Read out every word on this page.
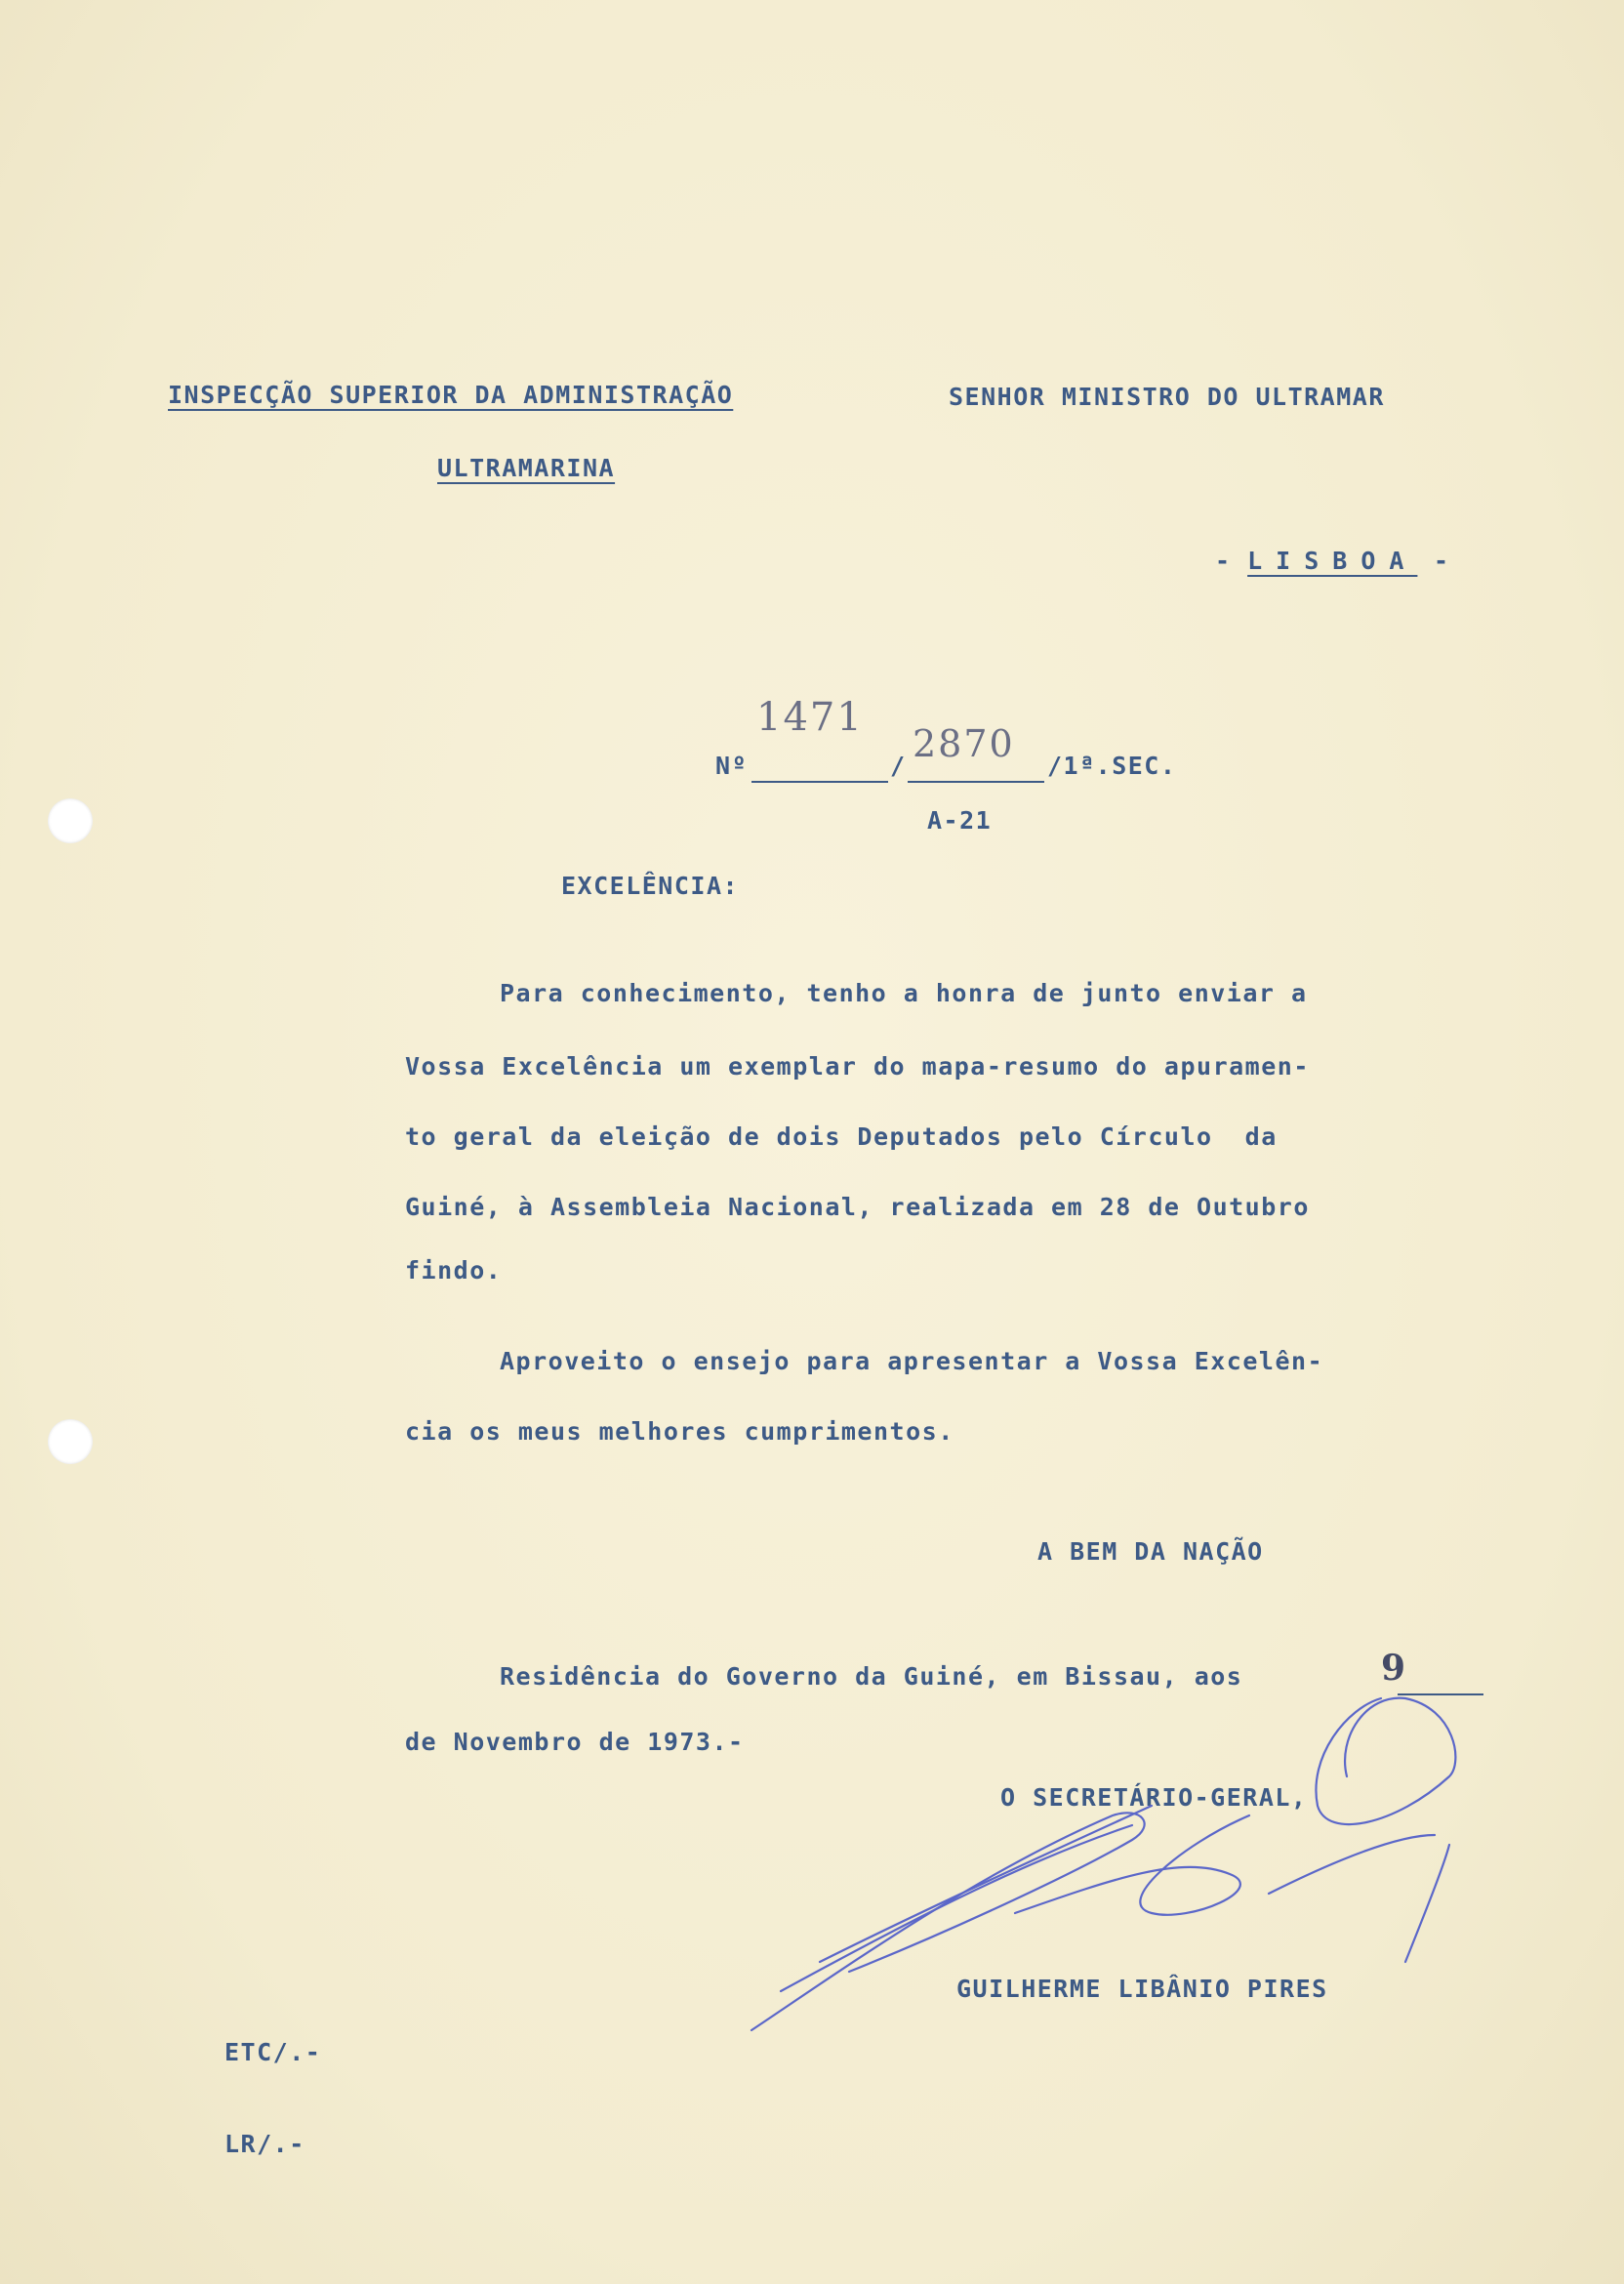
INSPECÇÃO SUPERIOR DA ADMINISTRAÇÃO
ULTRAMARINA
SENHOR MINISTRO DO ULTRAMAR
- LISBOA -
1471
Nº	/
2870
/1ª.SEC.
A-21
EXCELÊNCIA:
Para conhecimento, tenho a honra de junto enviar a
Vossa Excelência um exemplar do mapa-resumo do apuramen-
to geral da eleição de dois Deputados pelo Círculo  da
Guiné, à Assembleia Nacional, realizada em 28 de Outubro
findo.
Aproveito o ensejo para apresentar a Vossa Excelên-
cia os meus melhores cumprimentos.
A BEM DA NAÇÃO
Residência do Governo da Guiné, em Bissau, aos	9
de Novembro de 1973.-
O SECRETÁRIO-GERAL,
GUILHERME LIBÂNIO PIRES
ETC/.-
LR/.-
